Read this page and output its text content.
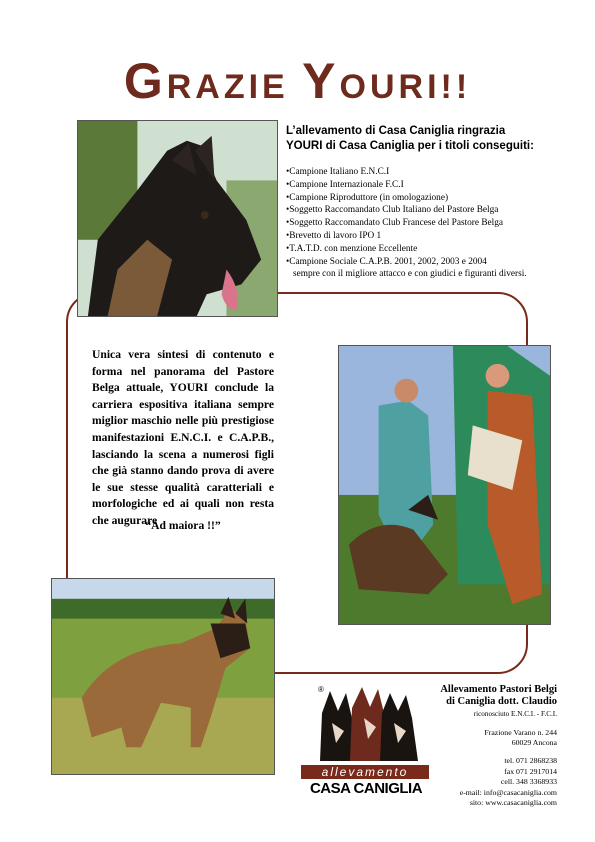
GRAZIE YOURI!!
L’allevamento di Casa Caniglia ringrazia
YOURI di Casa Caniglia per i titoli conseguiti:
• Campione Italiano E.N.C.I
• Campione Internazionale F.C.I
• Campione Riproduttore (in omologazione)
• Soggetto Raccomandato Club Italiano del Pastore Belga
• Soggetto Raccomandato Club Francese del Pastore Belga
• Brevetto di lavoro IPO 1
• T.A.T.D. con menzione Eccellente
• Campione Sociale C.A.P.B. 2001, 2002, 2003 e 2004
sempre con il migliore attacco e con giudici e figuranti diversi.
Unica vera sintesi di contenuto e forma nel panorama del Pastore Belga attuale, YOURI conclude la carriera espositiva italiana sempre miglior maschio nelle più prestigiose manifestazioni E.N.C.I. e C.A.P.B., lasciando la scena a numerosi figli che già stanno dando prova di avere le sue stesse qualità caratteriali e morfologiche ed ai quali non resta che augurare
“Ad maiora !!”
®
allevamento
CASA CANIGLIA
Allevamento Pastori Belgi
di Caniglia dott. Claudio
riconosciuto E.N.C.I. - F.C.I.
Frazione Varano n. 244
60029 Ancona
tel. 071 2868238
fax 071 2917014
cell. 348 3368933
e-mail: info@casacaniglia.com
sito: www.casacaniglia.com
